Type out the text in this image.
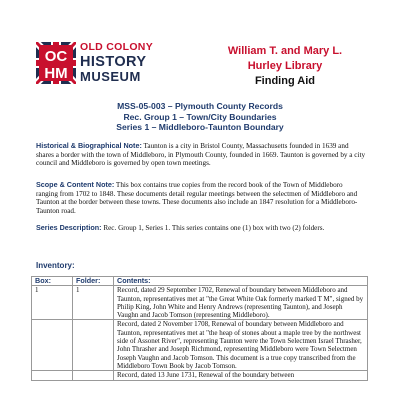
OC
HM
OLD COLONY
HISTORY
MUSEUM
William T. and Mary L.
Hurley Library
Finding Aid
MSS-05-003 – Plymouth County Records
Rec. Group 1 – Town/City Boundaries
Series 1 – Middleboro-Taunton Boundary
Historical & Biographical Note: Taunton is a city in Bristol County, Massachusetts founded in 1639 and shares a border with the town of Middleboro, in Plymouth County, founded in 1669. Taunton is governed by a city council and Middleboro is governed by open town meetings.
Scope & Content Note: This box contains true copies from the record book of the Town of Middleboro ranging from 1702 to 1848. These documents detail regular meetings between the selectmen of Middleboro and Taunton at the border between these towns. These documents also include an 1847 resolution for a Middleboro-Taunton road.
Series Description: Rec. Group 1, Series 1. This series contains one (1) box with two (2) folders.
Inventory:
Box:	Folder:	Contents:
1	1	Record, dated 29 September 1702, Renewal of boundary between Middleboro and Taunton, representatives met at "the Great White Oak formerly marked T M", signed by Philip King, John White and Henry Andrews (representing Taunton), and Joseph Vaughn and Jacob Tomson (representing Middleboro).
		Record, dated 2 November 1708, Renewal of boundary between Middleboro and Taunton, representatives met at "the heap of stones about a maple tree by the northwest side of Assonet River", representing Taunton were the Town Selectmen Israel Thrasher, John Thrasher and Joseph Richmond, representing Middleboro were Town Selectmen Joseph Vaughn and Jacob Tomson. This document is a true copy transcribed from the Middleboro Town Book by Jacob Tomson.
		Record, dated 13 June 1731, Renewal of the boundary between
